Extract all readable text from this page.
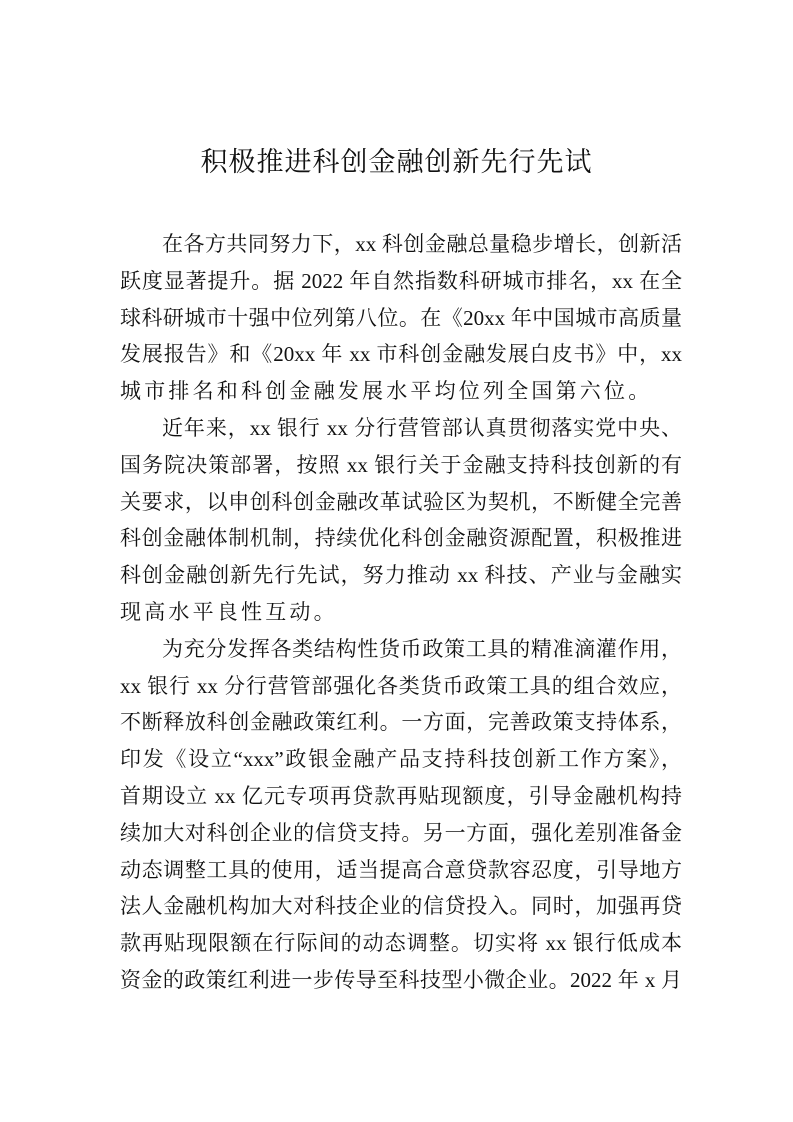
积极推进科创金融创新先行先试
在各方共同努力下，xx 科创金融总量稳步增长，创新活
跃度显著提升。据 2022 年自然指数科研城市排名，xx 在全
球科研城市十强中位列第八位。在《20xx 年中国城市高质量
发展报告》和《20xx 年 xx 市科创金融发展白皮书》中，xx
城市排名和科创金融发展水平均位列全国第六位。
近年来，xx 银行 xx 分行营管部认真贯彻落实党中央、
国务院决策部署，按照 xx 银行关于金融支持科技创新的有
关要求，以申创科创金融改革试验区为契机，不断健全完善
科创金融体制机制，持续优化科创金融资源配置，积极推进
科创金融创新先行先试，努力推动 xx 科技、产业与金融实
现高水平良性互动。
为充分发挥各类结构性货币政策工具的精准滴灌作用，
xx 银行 xx 分行营管部强化各类货币政策工具的组合效应，
不断释放科创金融政策红利。一方面，完善政策支持体系，
印发《设立“xxx”政银金融产品支持科技创新工作方案》，
首期设立 xx 亿元专项再贷款再贴现额度，引导金融机构持
续加大对科创企业的信贷支持。另一方面，强化差别准备金
动态调整工具的使用，适当提高合意贷款容忍度，引导地方
法人金融机构加大对科技企业的信贷投入。同时，加强再贷
款再贴现限额在行际间的动态调整。切实将 xx 银行低成本
资金的政策红利进一步传导至科技型小微企业。2022 年 x 月
